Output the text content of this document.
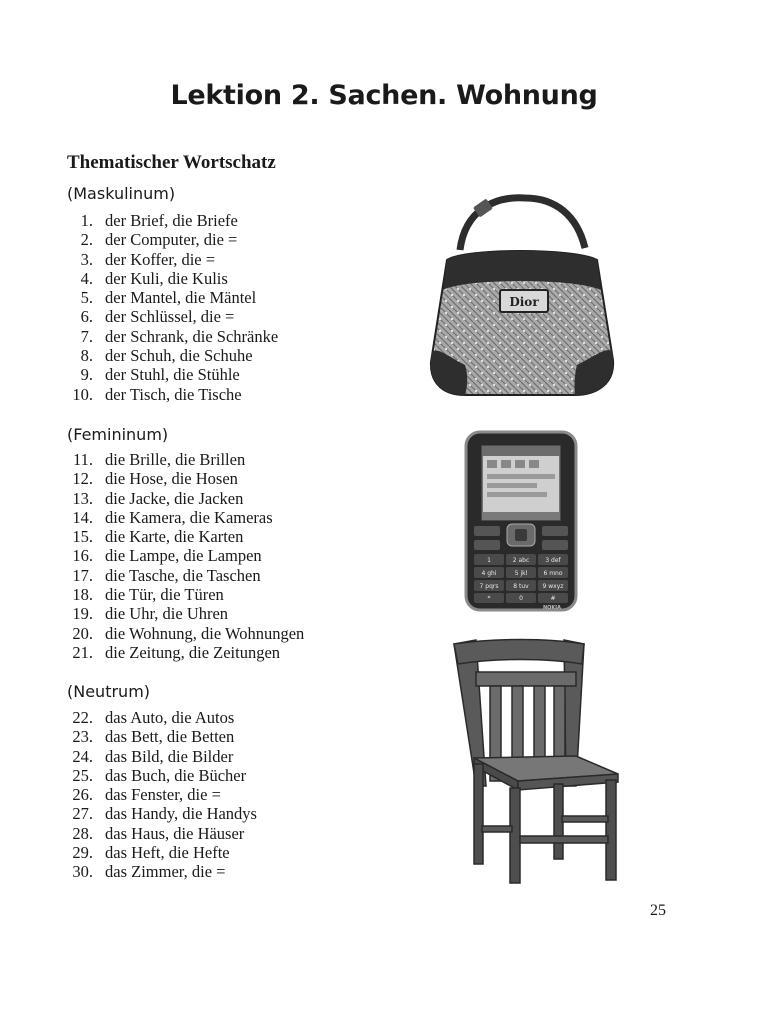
Lektion 2. Sachen. Wohnung
Thematischer Wortschatz
(Maskulinum)
1. der Brief, die Briefe
2. der Computer, die =
3. der Koffer, die =
4. der Kuli, die Kulis
5. der Mantel, die Mäntel
6. der Schlüssel, die =
7. der Schrank, die Schränke
8. der Schuh, die Schuhe
9. der Stuhl, die Stühle
10. der Tisch, die Tische
(Femininum)
11. die Brille, die Brillen
12. die Hose, die Hosen
13. die Jacke, die Jacken
14. die Kamera, die Kameras
15. die Karte, die Karten
16. die Lampe, die Lampen
17. die Tasche, die Taschen
18. die Tür, die Türen
19. die Uhr, die Uhren
20. die Wohnung, die Wohnungen
21. die Zeitung, die Zeitungen
(Neutrum)
22. das Auto, die Autos
23. das Bett, die Betten
24. das Bild, die Bilder
25. das Buch, die Bücher
26. das Fenster, die =
27. das Handy, die Handys
28. das Haus, die Häuser
29. das Heft, die Hefte
30. das Zimmer, die =
Dior
1	2 abc	3 def
4 ghi	5 jkl	6 mno
7 pqrs 8 tuv 9 wxyz
*	0	#
NOKIA
25
